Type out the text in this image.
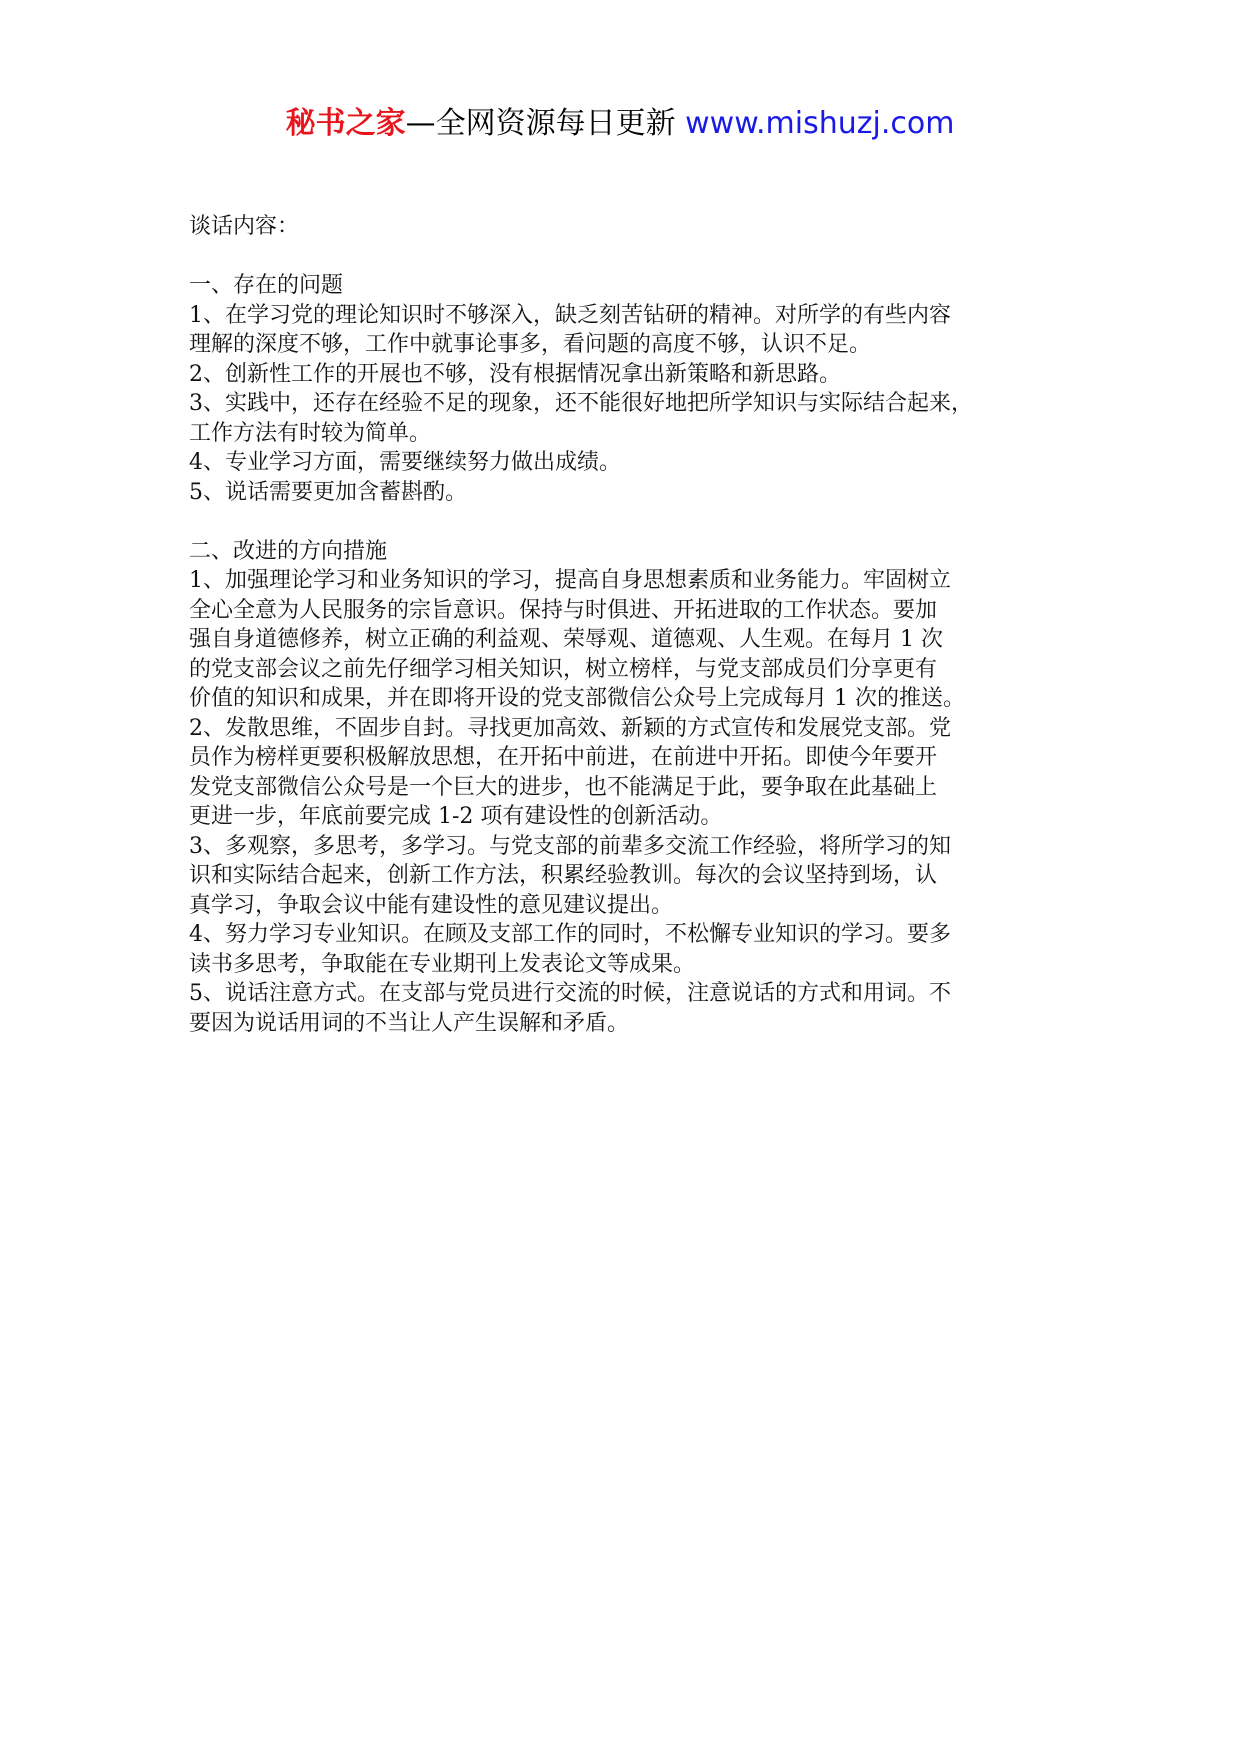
秘书之家—全网资源每日更新 www.mishuzj.com
谈话内容：
一、存在的问题
1、在学习党的理论知识时不够深入，缺乏刻苦钻研的精神。对所学的有些内容
理解的深度不够，工作中就事论事多，看问题的高度不够，认识不足。
2、创新性工作的开展也不够，没有根据情况拿出新策略和新思路。
3、实践中，还存在经验不足的现象，还不能很好地把所学知识与实际结合起来，
工作方法有时较为简单。
4、专业学习方面，需要继续努力做出成绩。
5、说话需要更加含蓄斟酌。
二、改进的方向措施
1、加强理论学习和业务知识的学习，提高自身思想素质和业务能力。牢固树立
全心全意为人民服务的宗旨意识。保持与时俱进、开拓进取的工作状态。要加
强自身道德修养，树立正确的利益观、荣辱观、道德观、人生观。在每月 1 次
的党支部会议之前先仔细学习相关知识，树立榜样，与党支部成员们分享更有
价值的知识和成果，并在即将开设的党支部微信公众号上完成每月 1 次的推送。
2、发散思维，不固步自封。寻找更加高效、新颖的方式宣传和发展党支部。党
员作为榜样更要积极解放思想，在开拓中前进，在前进中开拓。即使今年要开
发党支部微信公众号是一个巨大的进步，也不能满足于此，要争取在此基础上
更进一步，年底前要完成 1-2 项有建设性的创新活动。
3、多观察，多思考，多学习。与党支部的前辈多交流工作经验，将所学习的知
识和实际结合起来，创新工作方法，积累经验教训。每次的会议坚持到场，认
真学习，争取会议中能有建设性的意见建议提出。
4、努力学习专业知识。在顾及支部工作的同时，不松懈专业知识的学习。要多
读书多思考，争取能在专业期刊上发表论文等成果。
5、说话注意方式。在支部与党员进行交流的时候，注意说话的方式和用词。不
要因为说话用词的不当让人产生误解和矛盾。
